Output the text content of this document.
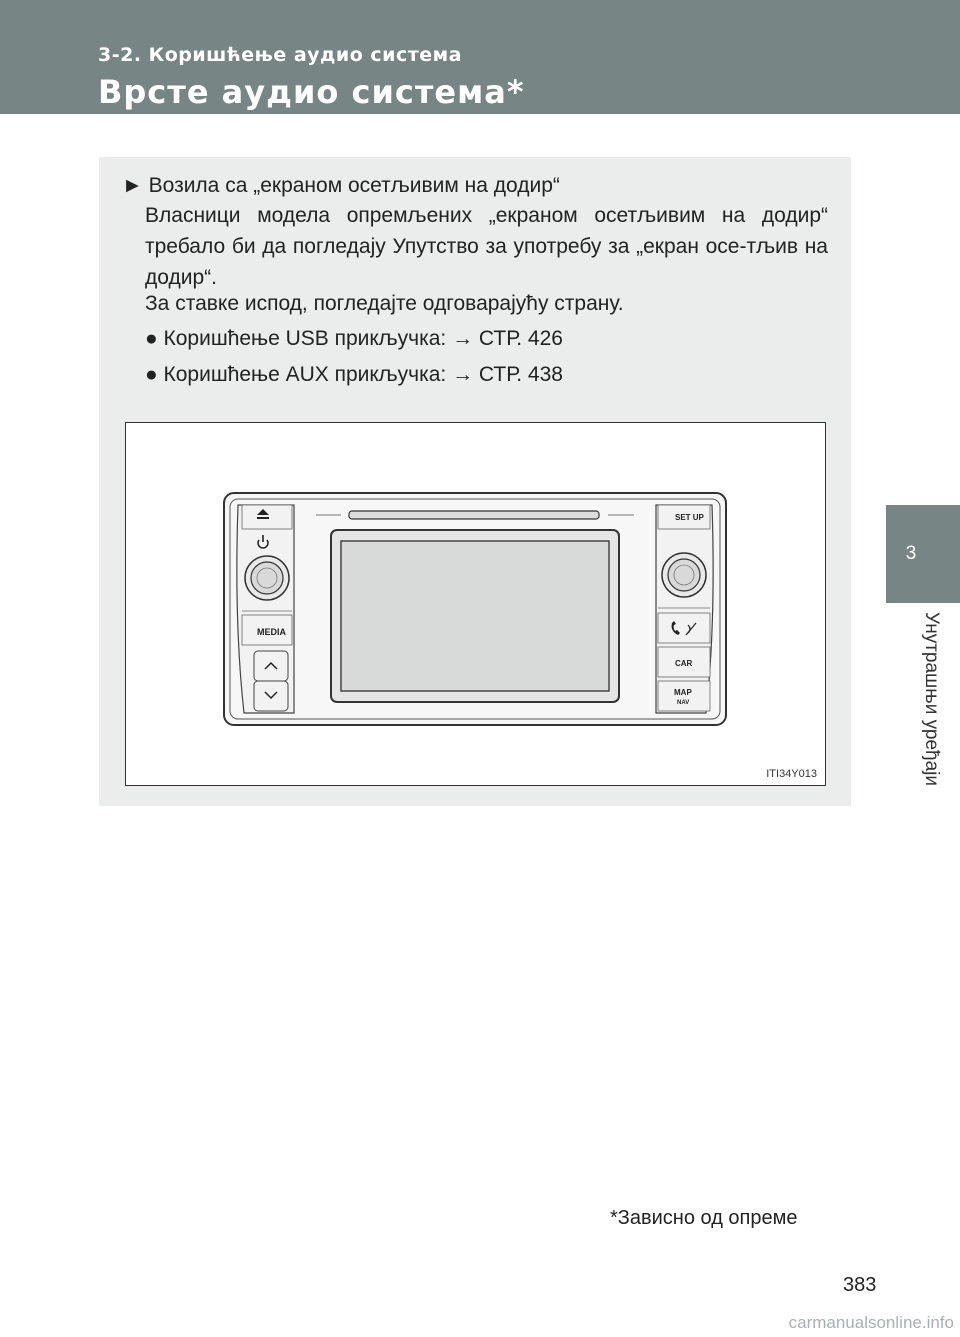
3-2. Коришћење аудио система
Врсте аудио система*
3
Унутрашњи уређаји
► Возила са „екраном осетљивим на додир“
Власници модела опремљених „екраном осетљивим на додир“ требало би да погледају Упутство за употребу за „екран осе-тљив на додир“.
За ставке испод, погледајте одговарајућу страну.
● Коришћење USB прикључка: → СТР. 426
● Коришћење AUX прикључка: → СТР. 438
MEDIA
SET UP
CAR
MAP
NAV
ITI34Y013
*Зависно од опреме
383
carmanualsonline.info
